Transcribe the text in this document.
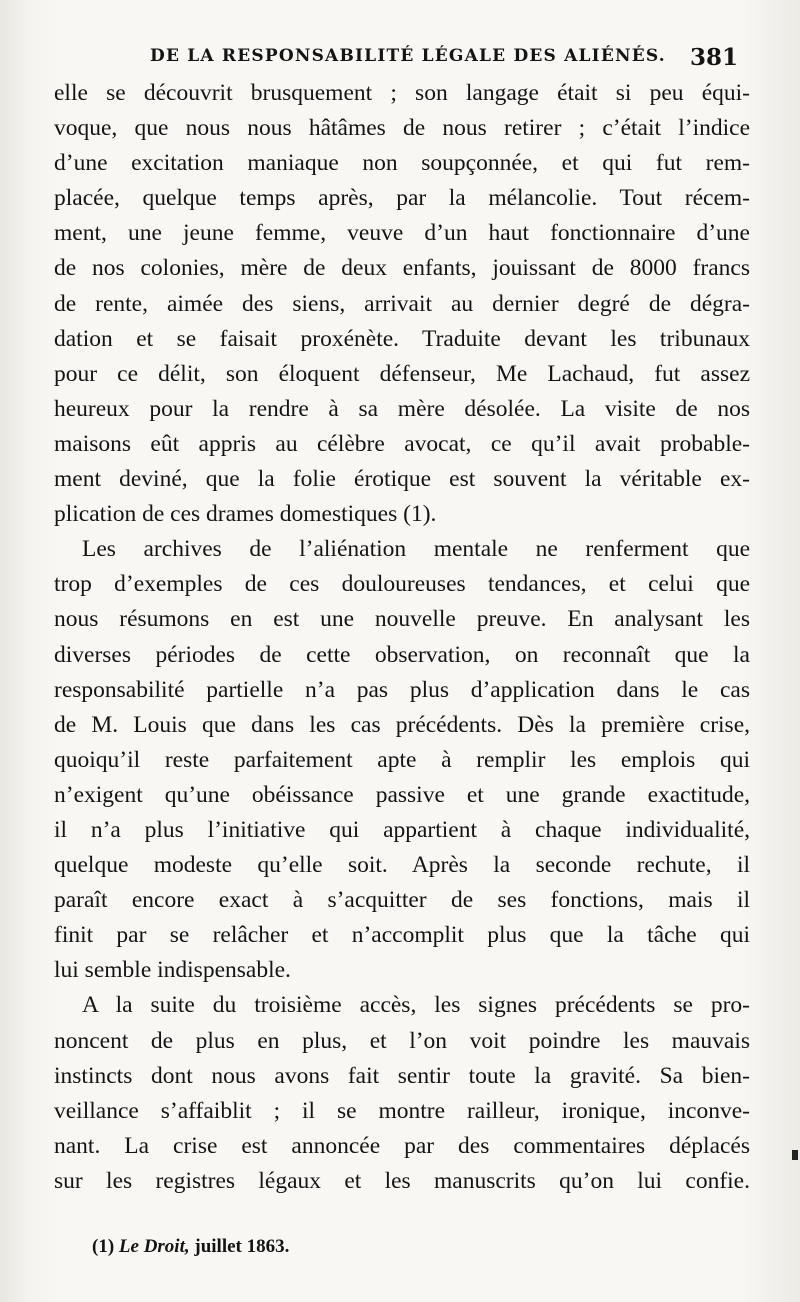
DE LA RESPONSABILITÉ LÉGALE DES ALIÉNÉS. 381
elle se découvrit brusquement ; son langage était si peu équi-
voque, que nous nous hâtâmes de nous retirer ; c’était l’indice
d’une excitation maniaque non soupçonnée, et qui fut rem-
placée, quelque temps après, par la mélancolie. Tout récem-
ment, une jeune femme, veuve d’un haut fonctionnaire d’une
de nos colonies, mère de deux enfants, jouissant de 8000 francs
de rente, aimée des siens, arrivait au dernier degré de dégra-
dation et se faisait proxénète. Traduite devant les tribunaux
pour ce délit, son éloquent défenseur, Me Lachaud, fut assez
heureux pour la rendre à sa mère désolée. La visite de nos
maisons eût appris au célèbre avocat, ce qu’il avait probable-
ment deviné, que la folie érotique est souvent la véritable ex-
plication de ces drames domestiques (1).
Les archives de l’aliénation mentale ne renferment que
trop d’exemples de ces douloureuses tendances, et celui que
nous résumons en est une nouvelle preuve. En analysant les
diverses périodes de cette observation, on reconnaît que la
responsabilité partielle n’a pas plus d’application dans le cas
de M. Louis que dans les cas précédents. Dès la première crise,
quoiqu’il reste parfaitement apte à remplir les emplois qui
n’exigent qu’une obéissance passive et une grande exactitude,
il n’a plus l’initiative qui appartient à chaque individualité,
quelque modeste qu’elle soit. Après la seconde rechute, il
paraît encore exact à s’acquitter de ses fonctions, mais il
finit par se relâcher et n’accomplit plus que la tâche qui
lui semble indispensable.
A la suite du troisième accès, les signes précédents se pro-
noncent de plus en plus, et l’on voit poindre les mauvais
instincts dont nous avons fait sentir toute la gravité. Sa bien-
veillance s’affaiblit ; il se montre railleur, ironique, inconve-
nant. La crise est annoncée par des commentaires déplacés
sur les registres légaux et les manuscrits qu’on lui confie.
(1) Le Droit, juillet 1863.
